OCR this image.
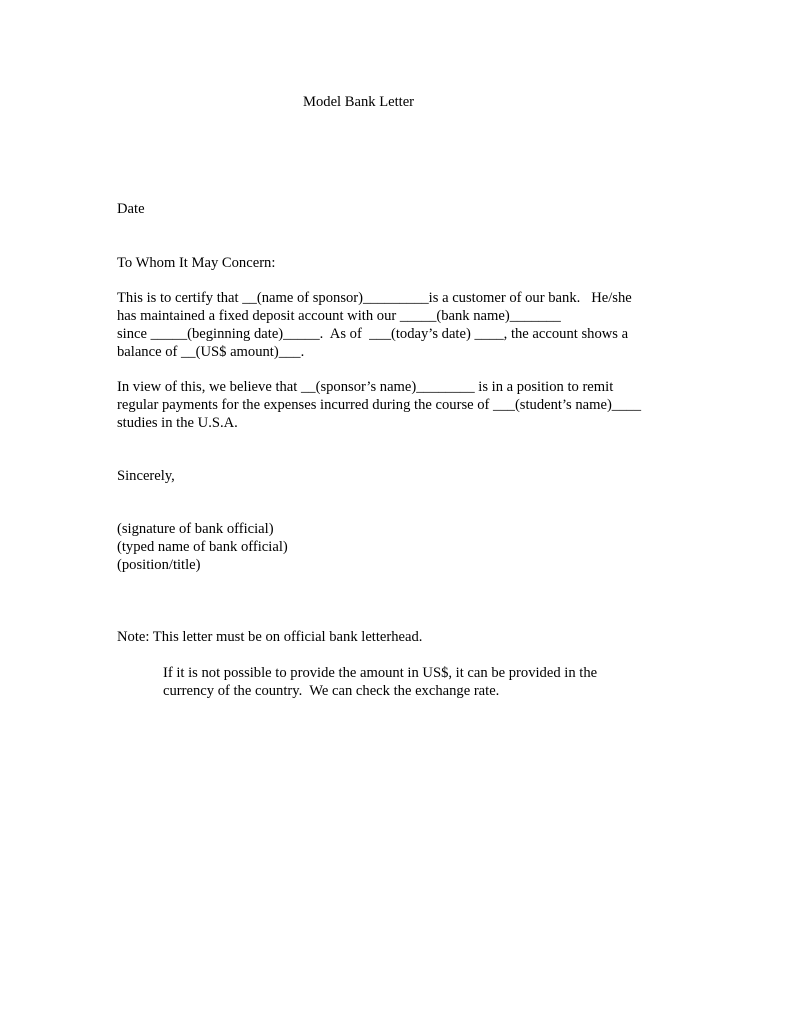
Model Bank Letter
Date
To Whom It May Concern:
This is to certify that __(name of sponsor)_________is a customer of our bank.   He/she
has maintained a fixed deposit account with our _____(bank name)_______
since _____(beginning date)_____.  As of  ___(today’s date) ____, the account shows a
balance of __(US$ amount)___.
In view of this, we believe that __(sponsor’s name)________ is in a position to remit
regular payments for the expenses incurred during the course of ___(student’s name)____
studies in the U.S.A.
Sincerely,
(signature of bank official)
(typed name of bank official)
(position/title)
Note: This letter must be on official bank letterhead.
If it is not possible to provide the amount in US$, it can be provided in the
currency of the country.  We can check the exchange rate.
